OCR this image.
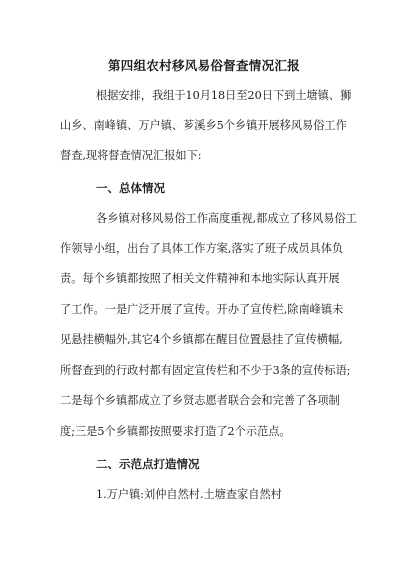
第四组农村移风易俗督查情况汇报
根据安排，我组于10月18日至20日下到土塘镇、狮
山乡、南峰镇、万户镇、芗溪乡5个乡镇开展移风易俗工作
督查,现将督查情况汇报如下:
一、总体情况
各乡镇对移风易俗工作高度重视,都成立了移风易俗工
作领导小组，出台了具体工作方案,落实了班子成员具体负
责。每个乡镇都按照了相关文件精神和本地实际认真开展
了工作。一是广泛开展了宣传。开办了宣传栏,除南峰镇未
见悬挂横幅外,其它4个乡镇都在醒目位置悬挂了宣传横幅,
所督查到的行政村都有固定宣传栏和不少于3条的宣传标语;
二是每个乡镇都成立了乡贤志愿者联合会和完善了各项制
度;三是5个乡镇都按照要求打造了2个示范点。
二、示范点打造情况
1.万户镇:刘仲自然村.土塘查家自然村
